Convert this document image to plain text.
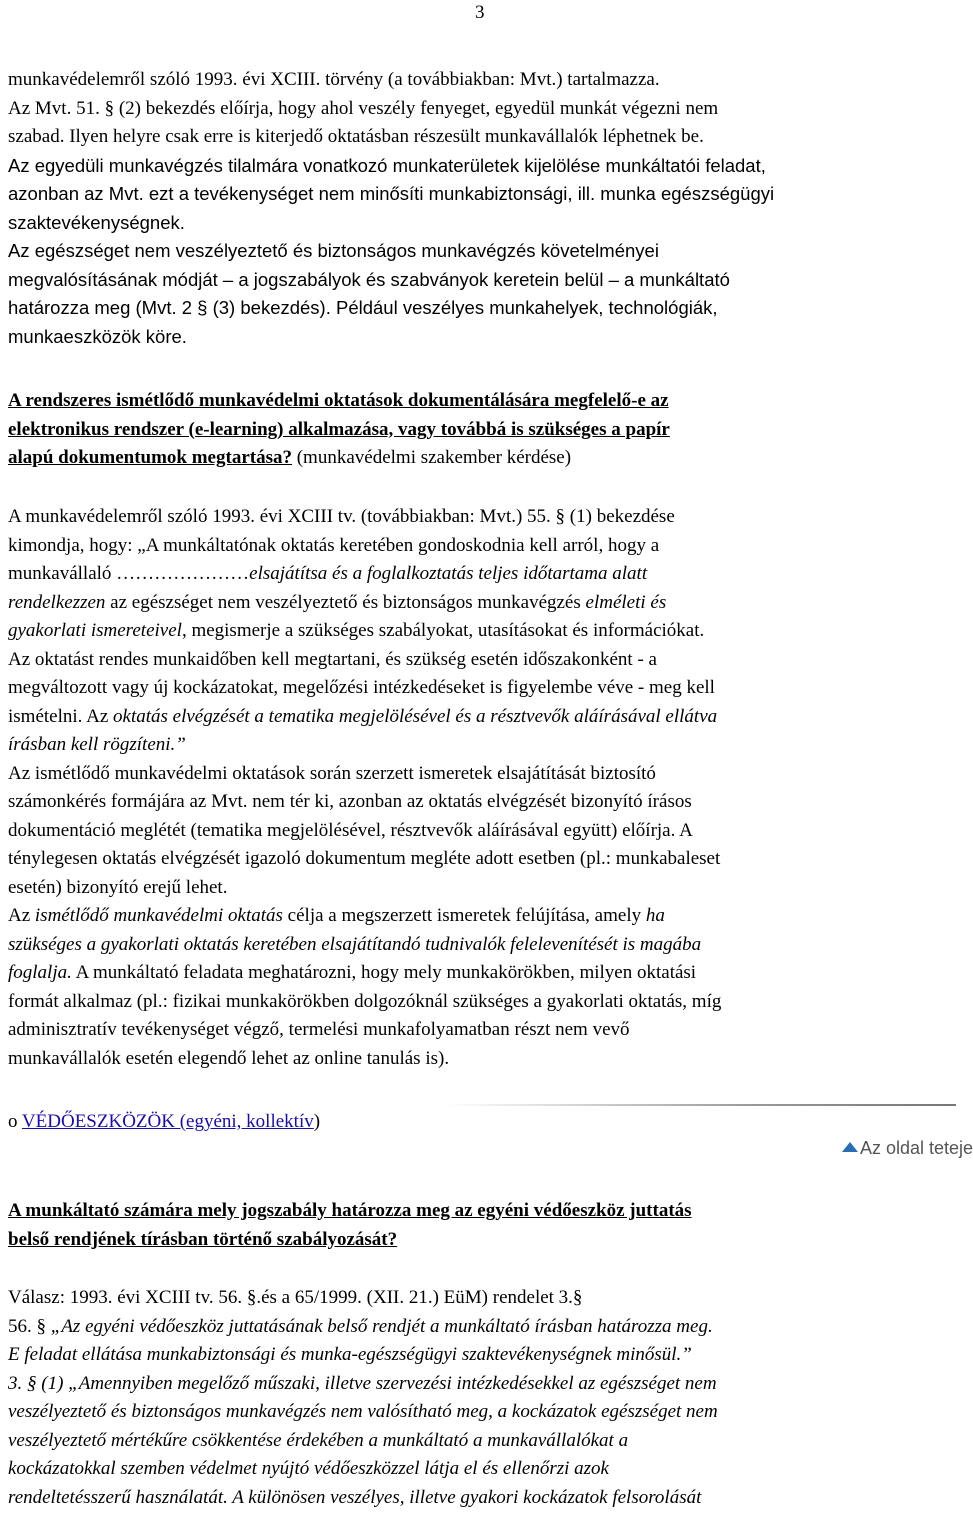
3

munkavédelemről szóló 1993. évi XCIII. törvény (a továbbiakban: Mvt.) tartalmazza.

Az Mvt. 51. § (2) bekezdés előírja, hogy ahol veszély fenyeget, egyedül munkát végezni nem

szabad. Ilyen helyre csak erre is kiterjedő oktatásban részesült munkavállalók léphetnek be.

Az egyedüli munkavégzés tilalmára vonatkozó munkaterületek kijelölése munkáltatói feladat,

azonban az Mvt. ezt a tevékenységet nem minősíti munkabiztonsági, ill. munka egészségügyi

szaktevékenységnek.

Az egészséget nem veszélyeztető és biztonságos munkavégzés követelményei

megvalósításának módját – a jogszabályok és szabványok keretein belül – a munkáltató

határozza meg (Mvt. 2 § (3) bekezdés). Például veszélyes munkahelyek, technológiák,

munkaeszközök köre.

A rendszeres ismétlődő munkavédelmi oktatások dokumentálására megfelelő-e az

elektronikus rendszer (e-learning) alkalmazása, vagy továbbá is szükséges a papír

alapú dokumentumok megtartása? (munkavédelmi szakember kérdése)

A munkavédelemről szóló 1993. évi XCIII tv. (továbbiakban: Mvt.) 55. § (1) bekezdése

kimondja, hogy: „A munkáltatónak oktatás keretében gondoskodnia kell arról, hogy a

munkavállaló …………………elsajátítsa és a foglalkoztatás teljes időtartama alatt

rendelkezzen az egészséget nem veszélyeztető és biztonságos munkavégzés elméleti és

gyakorlati ismereteivel, megismerje a szükséges szabályokat, utasításokat és információkat.

Az oktatást rendes munkaidőben kell megtartani, és szükség esetén időszakonként - a

megváltozott vagy új kockázatokat, megelőzési intézkedéseket is figyelembe véve - meg kell

ismételni. Az oktatás elvégzését a tematika megjelölésével és a résztvevők aláírásával ellátva

írásban kell rögzíteni.”

Az ismétlődő munkavédelmi oktatások során szerzett ismeretek elsajátítását biztosító

számonkérés formájára az Mvt. nem tér ki, azonban az oktatás elvégzését bizonyító írásos

dokumentáció meglétét (tematika megjelölésével, résztvevők aláírásával együtt) előírja. A

ténylegesen oktatás elvégzését igazoló dokumentum megléte adott esetben (pl.: munkabaleset

esetén) bizonyító erejű lehet.

Az ismétlődő munkavédelmi oktatás célja a megszerzett ismeretek felújítása, amely ha

szükséges a gyakorlati oktatás keretében elsajátítandó tudnivalók felelevenítését is magába

foglalja. A munkáltató feladata meghatározni, hogy mely munkakörökben, milyen oktatási

formát alkalmaz (pl.: fizikai munkakörökben dolgozóknál szükséges a gyakorlati oktatás, míg

adminisztratív tevékenységet végző, termelési munkafolyamatban részt nem vevő

munkavállalók esetén elegendő lehet az online tanulás is).

o VÉDŐESZKÖZÖK (egyéni, kollektív)

Az oldal teteje

A munkáltató számára mely jogszabály határozza meg az egyéni védőeszköz juttatás

belső rendjének tírásban történő szabályozását?

Válasz: 1993. évi XCIII tv. 56. §.és a 65/1999. (XII. 21.) EüM) rendelet 3.§

56. § „Az egyéni védőeszköz juttatásának belső rendjét a munkáltató írásban határozza meg.

E feladat ellátása munkabiztonsági és munka-egészségügyi szaktevékenységnek minősül.”

3. § (1) „Amennyiben megelőző műszaki, illetve szervezési intézkedésekkel az egészséget nem

veszélyeztető és biztonságos munkavégzés nem valósítható meg, a kockázatok egészséget nem

veszélyeztető mértékűre csökkentése érdekében a munkáltató a munkavállalókat a

kockázatokkal szemben védelmet nyújtó védőeszközzel látja el és ellenőrzi azok

rendeltetésszerű használatát. A különösen veszélyes, illetve gyakori kockázatok felsorolását
